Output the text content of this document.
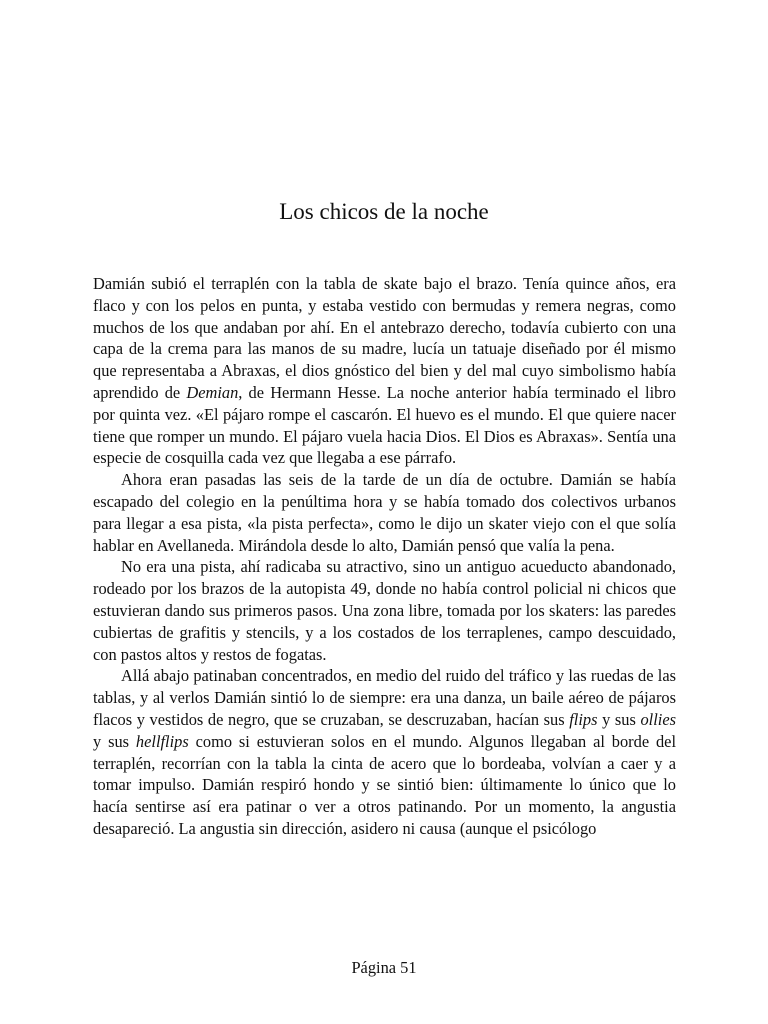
Los chicos de la noche

Damián subió el terraplén con la tabla de skate bajo el brazo. Tenía quince años, era flaco y con los pelos en punta, y estaba vestido con bermudas y remera negras, como muchos de los que andaban por ahí. En el antebrazo derecho, todavía cubierto con una capa de la crema para las manos de su madre, lucía un tatuaje diseñado por él mismo que representaba a Abraxas, el dios gnóstico del bien y del mal cuyo simbolismo había aprendido de Demian, de Hermann Hesse. La noche anterior había terminado el libro por quinta vez. «El pájaro rompe el cascarón. El huevo es el mundo. El que quiere nacer tiene que romper un mundo. El pájaro vuela hacia Dios. El Dios es Abraxas». Sentía una especie de cosquilla cada vez que llegaba a ese párrafo.

Ahora eran pasadas las seis de la tarde de un día de octubre. Damián se había escapado del colegio en la penúltima hora y se había tomado dos colectivos urbanos para llegar a esa pista, «la pista perfecta», como le dijo un skater viejo con el que solía hablar en Avellaneda. Mirándola desde lo alto, Damián pensó que valía la pena.

No era una pista, ahí radicaba su atractivo, sino un antiguo acueducto abandonado, rodeado por los brazos de la autopista 49, donde no había control policial ni chicos que estuvieran dando sus primeros pasos. Una zona libre, tomada por los skaters: las paredes cubiertas de grafitis y stencils, y a los costados de los terraplenes, campo descuidado, con pastos altos y restos de fogatas.

Allá abajo patinaban concentrados, en medio del ruido del tráfico y las ruedas de las tablas, y al verlos Damián sintió lo de siempre: era una danza, un baile aéreo de pájaros flacos y vestidos de negro, que se cruzaban, se descruzaban, hacían sus flips y sus ollies y sus hellflips como si estuvieran solos en el mundo. Algunos llegaban al borde del terraplén, recorrían con la tabla la cinta de acero que lo bordeaba, volvían a caer y a tomar impulso. Damián respiró hondo y se sintió bien: últimamente lo único que lo hacía sentirse así era patinar o ver a otros patinando. Por un momento, la angustia desapareció. La angustia sin dirección, asidero ni causa (aunque el psicólogo

Página 51
